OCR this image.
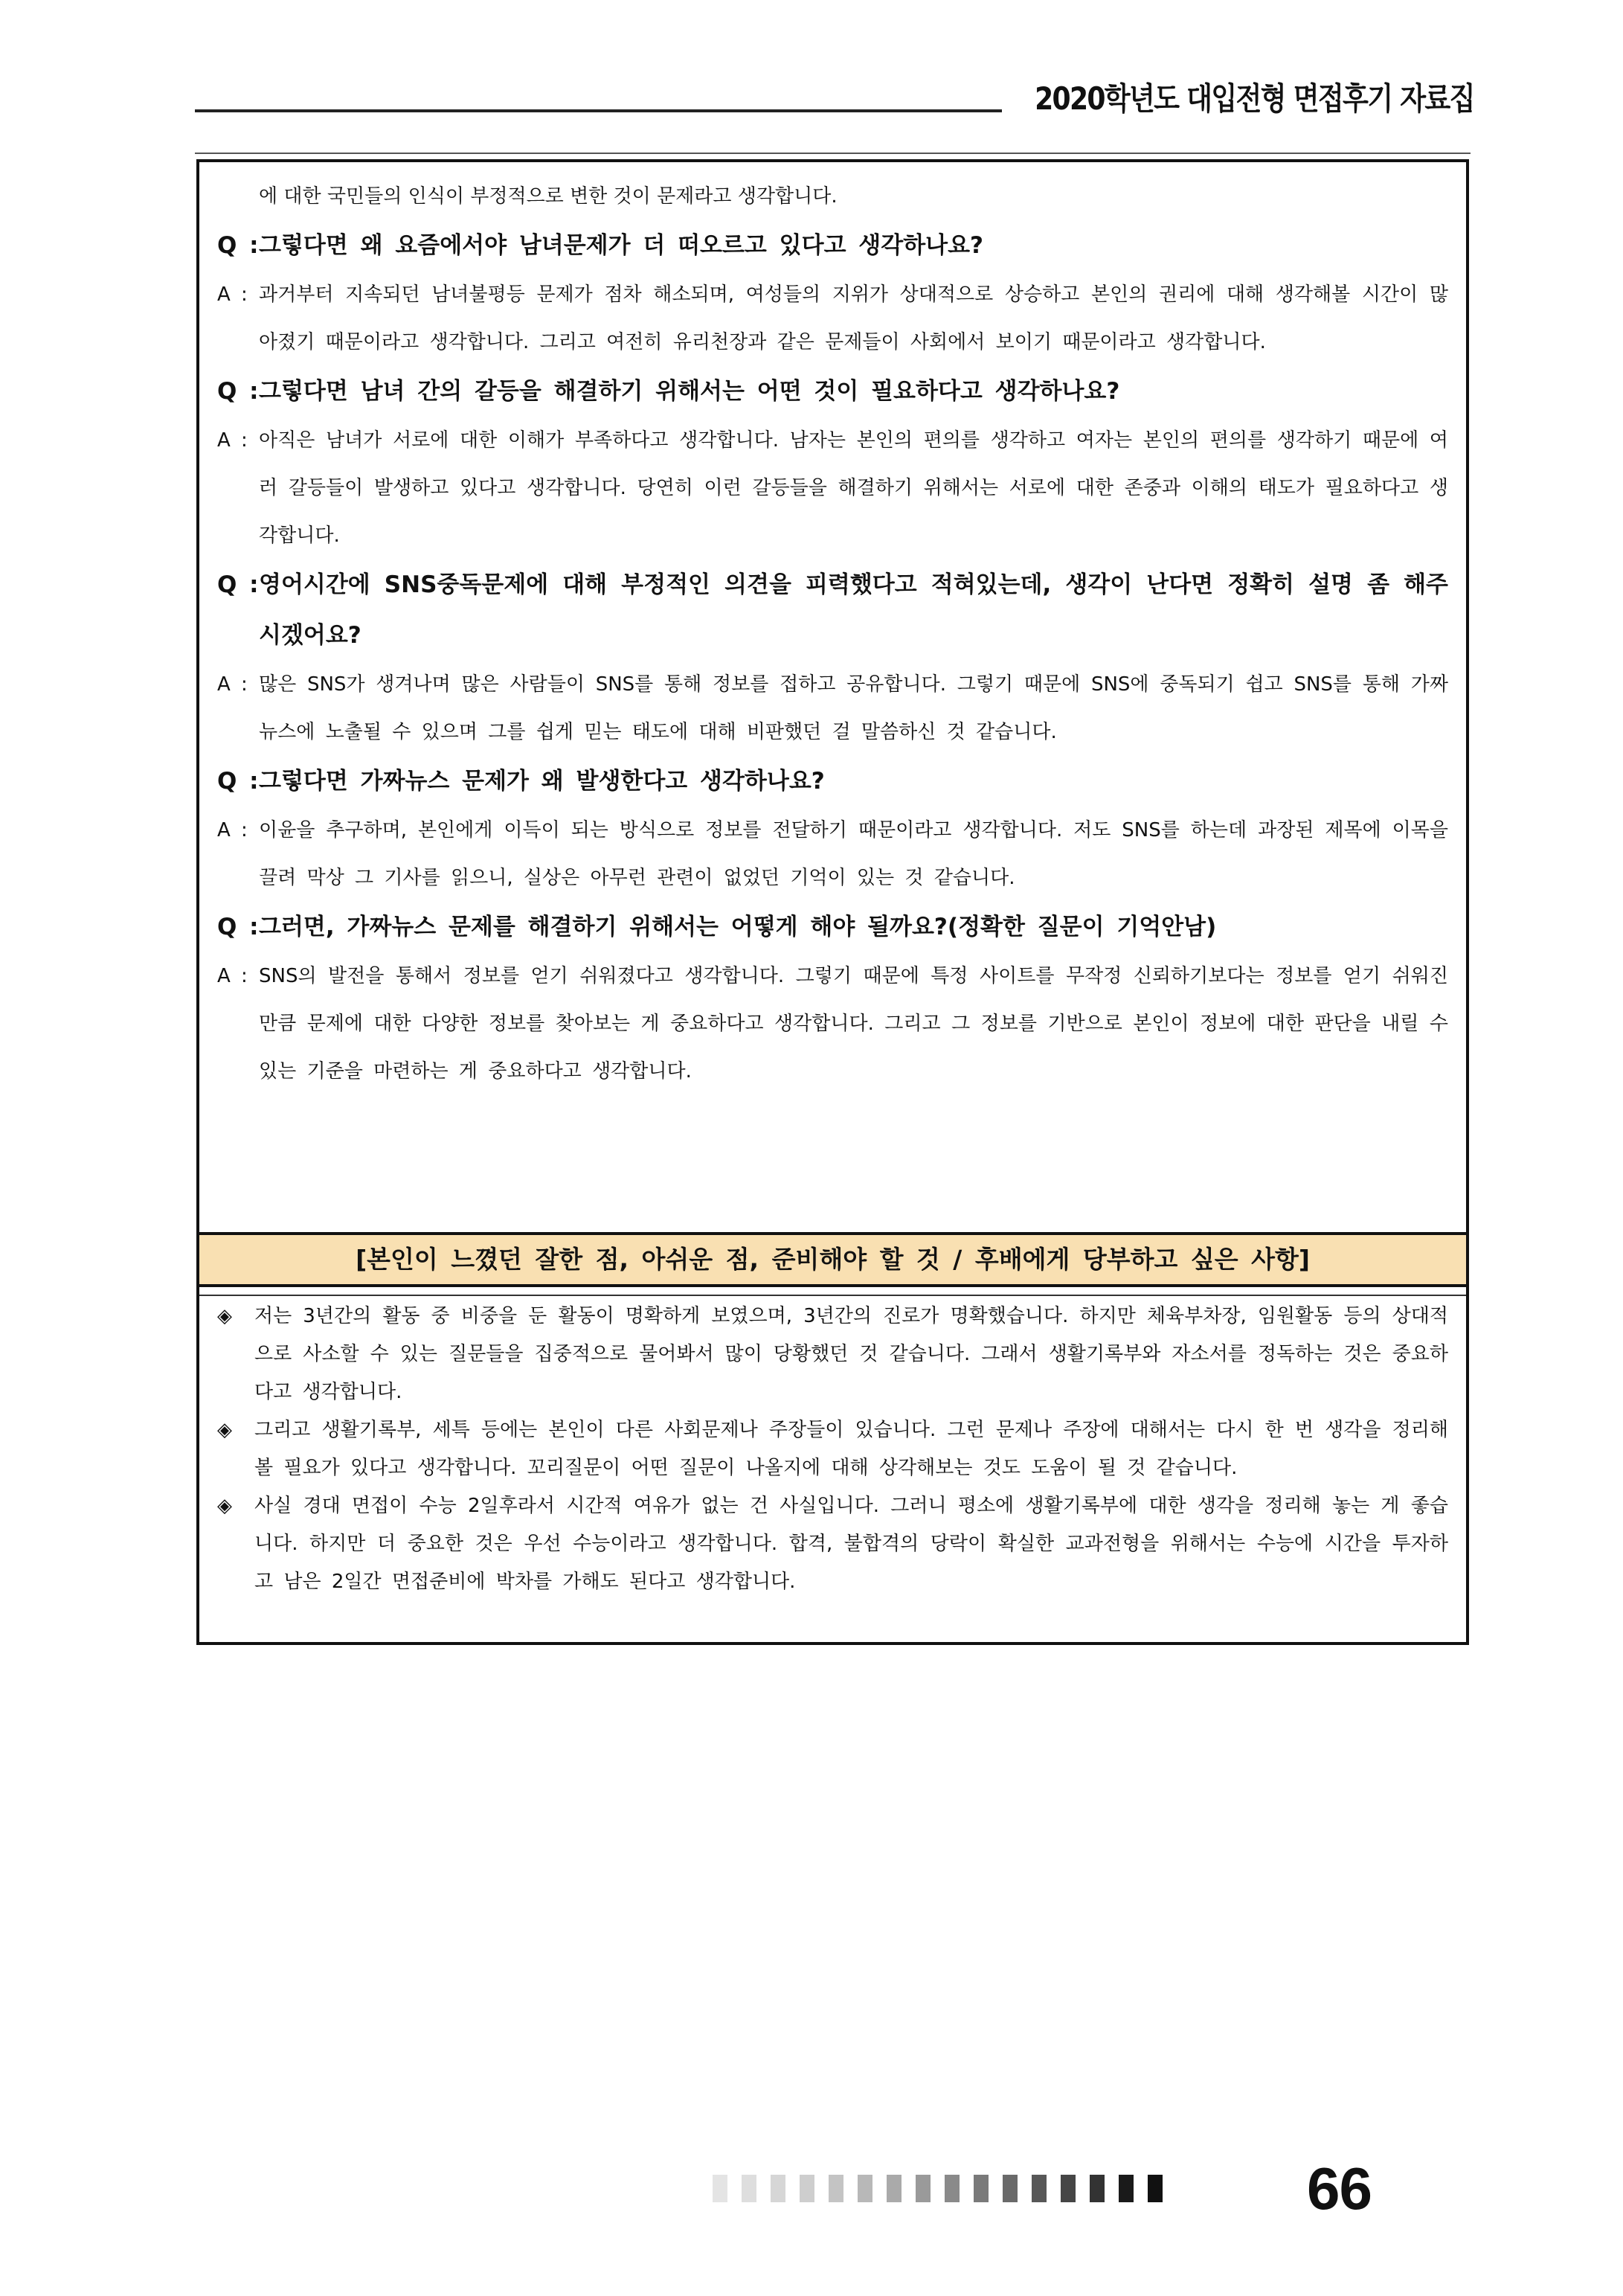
2020학년도 대입전형 면접후기 자료집
에 대한 국민들의 인식이 부정적으로 변한 것이 문제라고 생각합니다.
Q :그렇다면 왜 요즘에서야 남녀문제가 더 떠오르고 있다고 생각하나요?
A : 과거부터 지속되던 남녀불평등 문제가 점차 해소되며, 여성들의 지위가 상대적으로 상승하고 본인의 권리에 대해 생각해볼 시간이 많아졌기 때문이라고 생각합니다. 그리고 여전히 유리천장과 같은 문제들이 사회에서 보이기 때문이라고 생각합니다.
Q :그렇다면 남녀 간의 갈등을 해결하기 위해서는 어떤 것이 필요하다고 생각하나요?
A : 아직은 남녀가 서로에 대한 이해가 부족하다고 생각합니다. 남자는 본인의 편의를 생각하고 여자는 본인의 편의를 생각하기 때문에 여러 갈등들이 발생하고 있다고 생각합니다. 당연히 이런 갈등들을 해결하기 위해서는 서로에 대한 존중과 이해의 태도가 필요하다고 생각합니다.
Q :영어시간에 SNS중독문제에 대해 부정적인 의견을 피력했다고 적혀있는데, 생각이 난다면 정확히 설명 좀 해주시겠어요?
A : 많은 SNS가 생겨나며 많은 사람들이 SNS를 통해 정보를 접하고 공유합니다. 그렇기 때문에 SNS에 중독되기 쉽고 SNS를 통해 가짜뉴스에 노출될 수 있으며 그를 쉽게 믿는 태도에 대해 비판했던 걸 말씀하신 것 같습니다.
Q :그렇다면 가짜뉴스 문제가 왜 발생한다고 생각하나요?
A : 이윤을 추구하며, 본인에게 이득이 되는 방식으로 정보를 전달하기 때문이라고 생각합니다. 저도 SNS를 하는데 과장된 제목에 이목을 끌려 막상 그 기사를 읽으니, 실상은 아무런 관련이 없었던 기억이 있는 것 같습니다.
Q :그러면, 가짜뉴스 문제를 해결하기 위해서는 어떻게 해야 될까요?(정확한 질문이 기억안남)
A : SNS의 발전을 통해서 정보를 얻기 쉬워졌다고 생각합니다. 그렇기 때문에 특정 사이트를 무작정 신뢰하기보다는 정보를 얻기 쉬워진 만큼 문제에 대한 다양한 정보를 찾아보는 게 중요하다고 생각합니다. 그리고 그 정보를 기반으로 본인이 정보에 대한 판단을 내릴 수 있는 기준을 마련하는 게 중요하다고 생각합니다.
[본인이 느꼈던 잘한 점, 아쉬운 점, 준비해야 할 것 / 후배에게 당부하고 싶은 사항]
◈ 저는 3년간의 활동 중 비중을 둔 활동이 명확하게 보였으며, 3년간의 진로가 명확했습니다. 하지만 체육부차장, 임원활동 등의 상대적으로 사소할 수 있는 질문들을 집중적으로 물어봐서 많이 당황했던 것 같습니다. 그래서 생활기록부와 자소서를 정독하는 것은 중요하다고 생각합니다.
◈ 그리고 생활기록부, 세특 등에는 본인이 다른 사회문제나 주장들이 있습니다. 그런 문제나 주장에 대해서는 다시 한 번 생각을 정리해 볼 필요가 있다고 생각합니다. 꼬리질문이 어떤 질문이 나올지에 대해 상각해보는 것도 도움이 될 것 같습니다.
◈ 사실 경대 면접이 수능 2일후라서 시간적 여유가 없는 건 사실입니다. 그러니 평소에 생활기록부에 대한 생각을 정리해 놓는 게 좋습니다. 하지만 더 중요한 것은 우선 수능이라고 생각합니다. 합격, 불합격의 당락이 확실한 교과전형을 위해서는 수능에 시간을 투자하고 남은 2일간 면접준비에 박차를 가해도 된다고 생각합니다.
66
